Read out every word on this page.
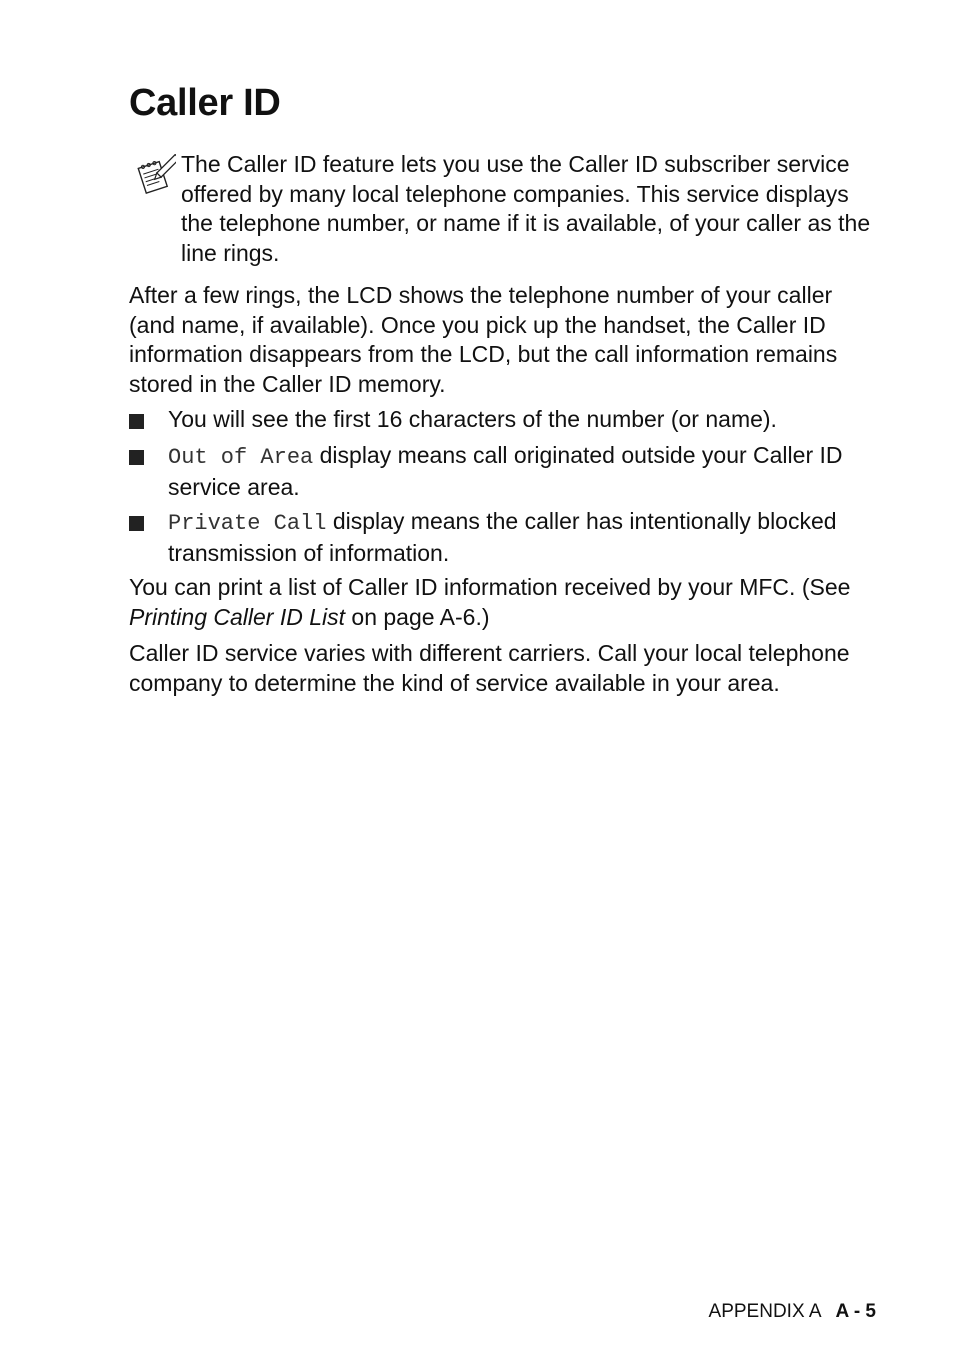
Caller ID

The Caller ID feature lets you use the Caller ID subscriber service offered by many local telephone companies. This service displays the telephone number, or name if it is available, of your caller as the line rings.

After a few rings, the LCD shows the telephone number of your caller (and name, if available). Once you pick up the handset, the Caller ID information disappears from the LCD, but the call information remains stored in the Caller ID memory.

You will see the first 16 characters of the number (or name).

Out of Area display means call originated outside your Caller ID service area.

Private Call display means the caller has intentionally blocked transmission of information.

You can print a list of Caller ID information received by your MFC. (See Printing Caller ID List on page A-6.)

Caller ID service varies with different carriers. Call your local telephone company to determine the kind of service available in your area.

APPENDIX A A - 5
